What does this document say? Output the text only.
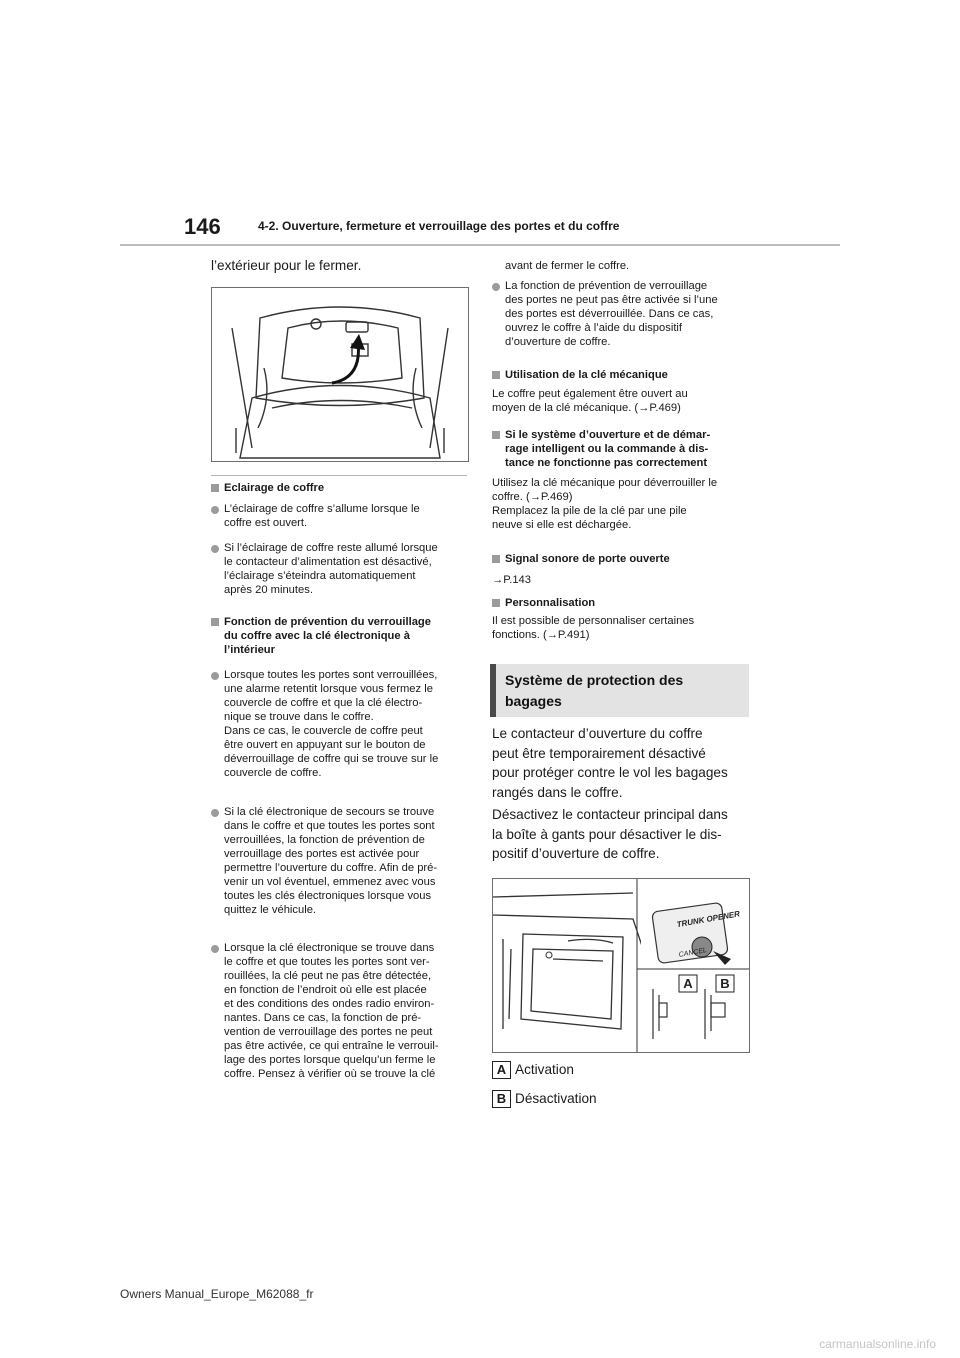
146	4-2. Ouverture, fermeture et verrouillage des portes et du coffre
l’extérieur pour le fermer.
Eclairage de coffre
L’éclairage de coffre s’allume lorsque le
coffre est ouvert.
Si l’éclairage de coffre reste allumé lorsque
le contacteur d’alimentation est désactivé,
l’éclairage s’éteindra automatiquement
après 20 minutes.
Fonction de prévention du verrouillage
du coffre avec la clé électronique à
l’intérieur
Lorsque toutes les portes sont verrouillées,
une alarme retentit lorsque vous fermez le
couvercle de coffre et que la clé électro-
nique se trouve dans le coffre.
Dans ce cas, le couvercle de coffre peut
être ouvert en appuyant sur le bouton de
déverrouillage de coffre qui se trouve sur le
couvercle de coffre.
Si la clé électronique de secours se trouve
dans le coffre et que toutes les portes sont
verrouillées, la fonction de prévention de
verrouillage des portes est activée pour
permettre l’ouverture du coffre. Afin de pré-
venir un vol éventuel, emmenez avec vous
toutes les clés électroniques lorsque vous
quittez le véhicule.
Lorsque la clé électronique se trouve dans
le coffre et que toutes les portes sont ver-
rouillées, la clé peut ne pas être détectée,
en fonction de l’endroit où elle est placée
et des conditions des ondes radio environ-
nantes. Dans ce cas, la fonction de pré-
vention de verrouillage des portes ne peut
pas être activée, ce qui entraîne le verrouil-
lage des portes lorsque quelqu’un ferme le
coffre. Pensez à vérifier où se trouve la clé
avant de fermer le coffre.
La fonction de prévention de verrouillage
des portes ne peut pas être activée si l’une
des portes est déverrouillée. Dans ce cas,
ouvrez le coffre à l’aide du dispositif
d’ouverture de coffre.
Utilisation de la clé mécanique
Le coffre peut également être ouvert au
moyen de la clé mécanique. (→P.469)
Si le système d’ouverture et de démar-
rage intelligent ou la commande à dis-
tance ne fonctionne pas correctement
Utilisez la clé mécanique pour déverrouiller le
coffre. (→P.469)
Remplacez la pile de la clé par une pile
neuve si elle est déchargée.
Signal sonore de porte ouverte
→P.143
Personnalisation
Il est possible de personnaliser certaines
fonctions. (→P.491)
Système de protection des
bagages
Le contacteur d’ouverture du coffre
peut être temporairement désactivé
pour protéger contre le vol les bagages
rangés dans le coffre.
Désactivez le contacteur principal dans
la boîte à gants pour désactiver le dis-
positif d’ouverture de coffre.
TRUNK OPENER
CANCEL
A B
A Activation
B Désactivation
Owners Manual_Europe_M62088_fr
carmanualsonline.info
